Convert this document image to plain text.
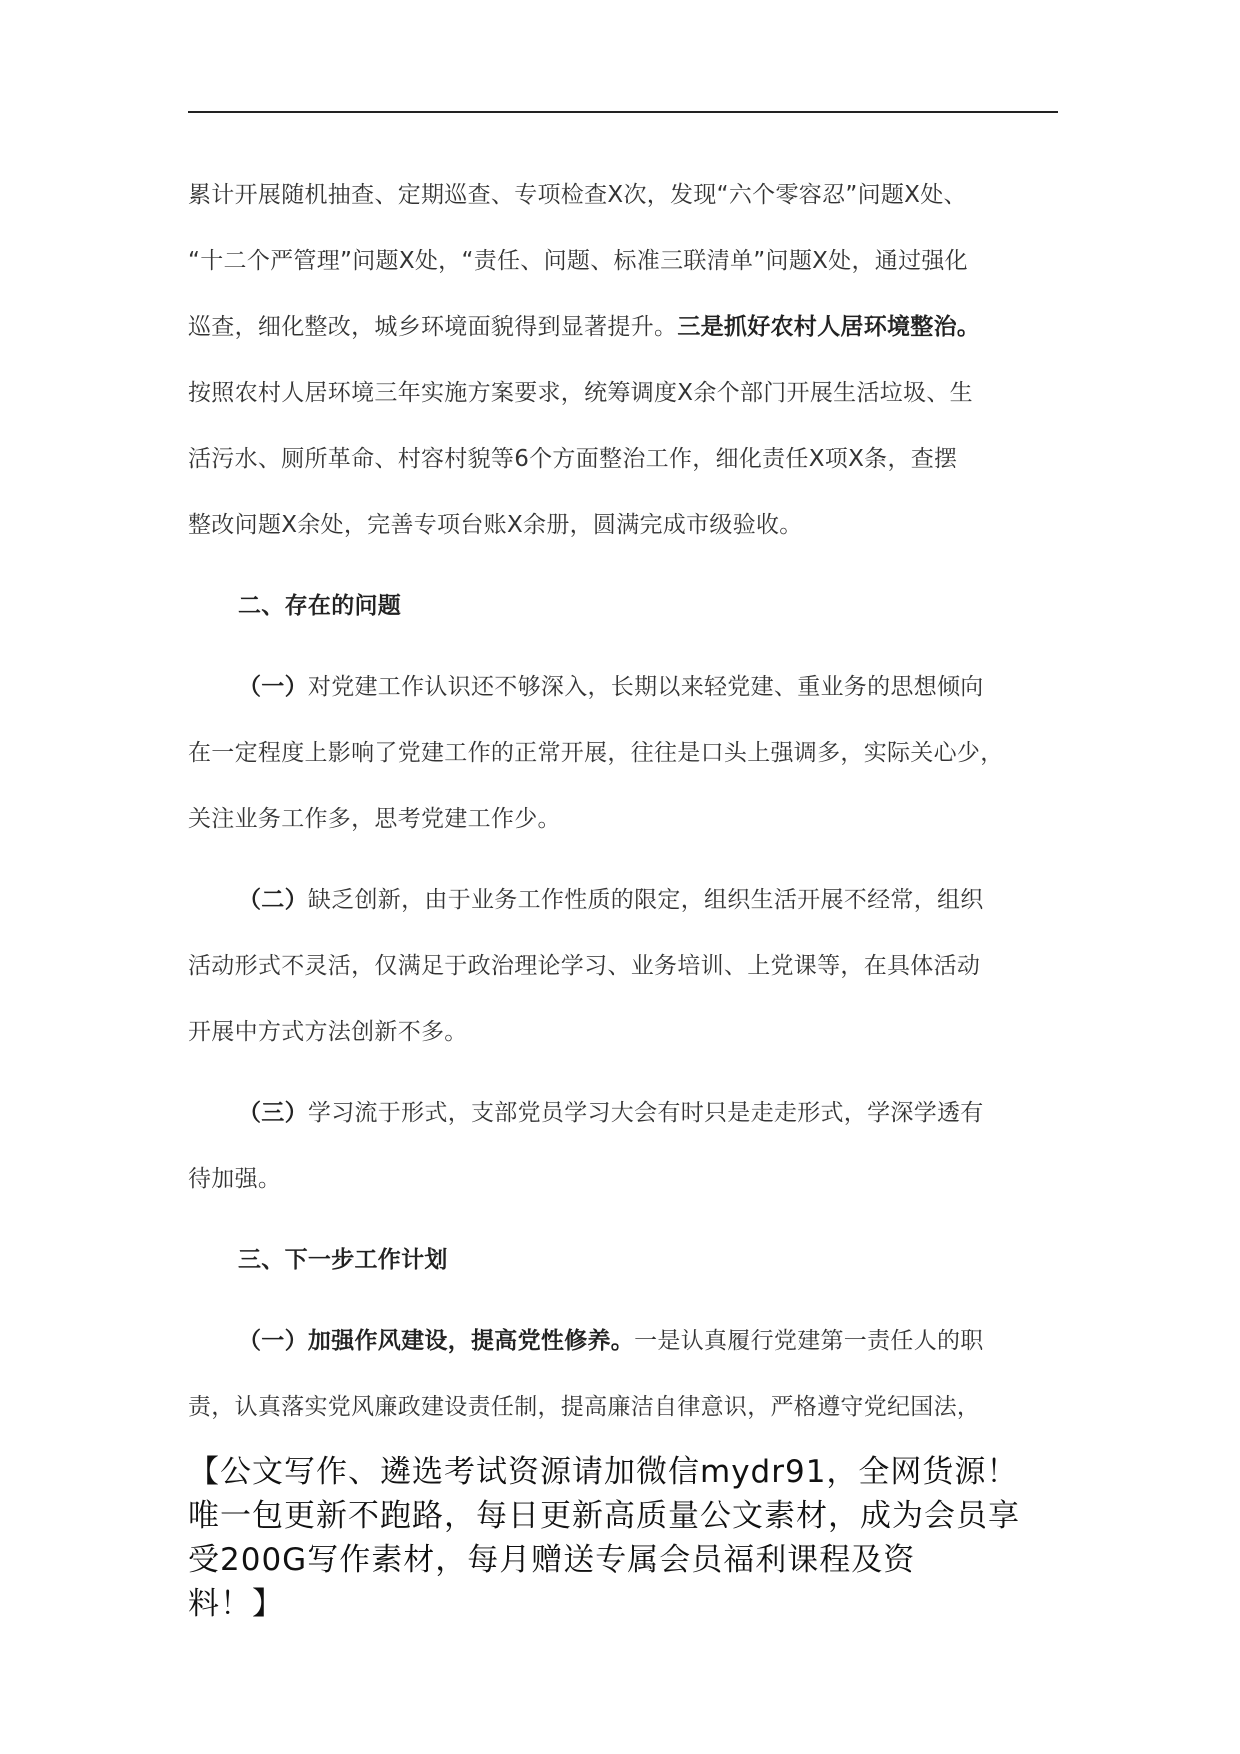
累计开展随机抽查、定期巡查、专项检查X次，发现“六个零容忍”问题X处、
“十二个严管理”问题X处，“责任、问题、标准三联清单”问题X处，通过强化
巡查，细化整改，城乡环境面貌得到显著提升。三是抓好农村人居环境整治。
按照农村人居环境三年实施方案要求，统筹调度X余个部门开展生活垃圾、生
活污水、厕所革命、村容村貌等6个方面整治工作，细化责任X项X条，查摆
整改问题X余处，完善专项台账X余册，圆满完成市级验收。
二、存在的问题
（一）对党建工作认识还不够深入，长期以来轻党建、重业务的思想倾向
在一定程度上影响了党建工作的正常开展，往往是口头上强调多，实际关心少，
关注业务工作多，思考党建工作少。
（二）缺乏创新，由于业务工作性质的限定，组织生活开展不经常，组织
活动形式不灵活，仅满足于政治理论学习、业务培训、上党课等，在具体活动
开展中方式方法创新不多。
（三）学习流于形式，支部党员学习大会有时只是走走形式，学深学透有
待加强。
三、下一步工作计划
（一）加强作风建设，提高党性修养。一是认真履行党建第一责任人的职
责，认真落实党风廉政建设责任制，提高廉洁自律意识，严格遵守党纪国法，
【公文写作、遴选考试资源请加微信mydr91，全网货源！
唯一包更新不跑路，每日更新高质量公文素材，成为会员享
受200G写作素材，每月赠送专属会员福利课程及资
料！】
